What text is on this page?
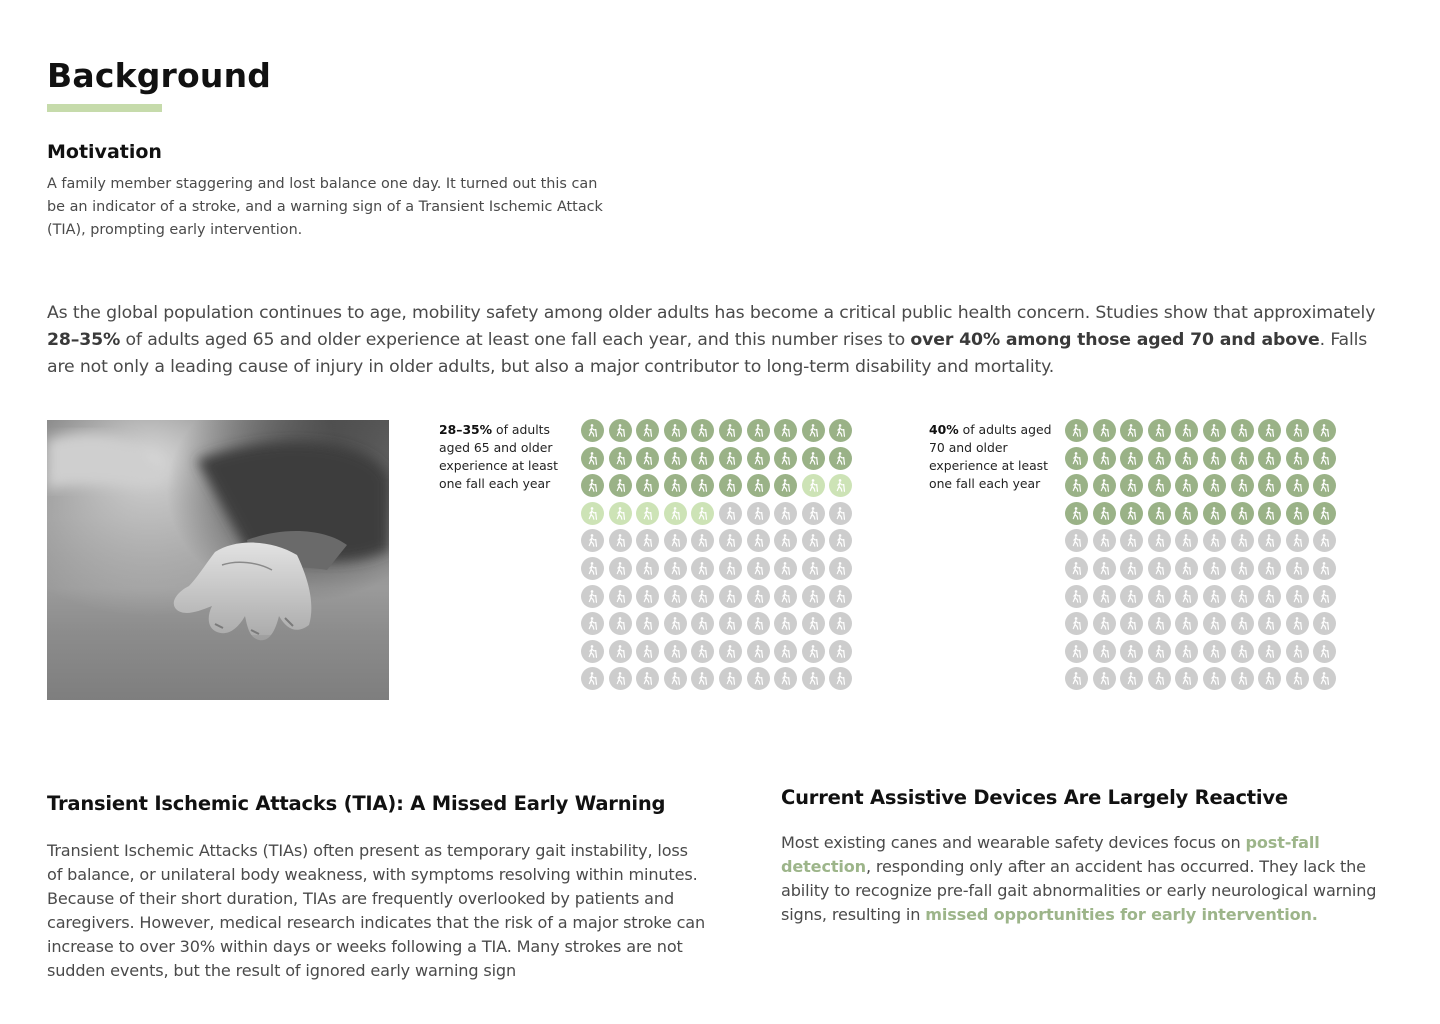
Background
Motivation

A family member staggering and lost balance one day. It turned out this can be an indicator of a stroke, and a warning sign of a Transient Ischemic Attack (TIA), prompting early intervention.

As the global population continues to age, mobility safety among older adults has become a critical public health concern. Studies show that approximately 28–35% of adults aged 65 and older experience at least one fall each year, and this number rises to over 40% among those aged 70 and above. Falls are not only a leading cause of injury in older adults, but also a major contributor to long-term disability and mortality.

28–35% of adults aged 65 and older experience at least one fall each year
40% of adults aged 70 and older experience at least one fall each year
Transient Ischemic Attacks (TIA): A Missed Early Warning

Transient Ischemic Attacks (TIAs) often present as temporary gait instability, loss of balance, or unilateral body weakness, with symptoms resolving within minutes. Because of their short duration, TIAs are frequently overlooked by patients and caregivers. However, medical research indicates that the risk of a major stroke can increase to over 30% within days or weeks following a TIA. Many strokes are not sudden events, but the result of ignored early warning sign

Current Assistive Devices Are Largely Reactive

Most existing canes and wearable safety devices focus on post-fall detection, responding only after an accident has occurred. They lack the ability to recognize pre-fall gait abnormalities or early neurological warning signs, resulting in missed opportunities for early intervention.
